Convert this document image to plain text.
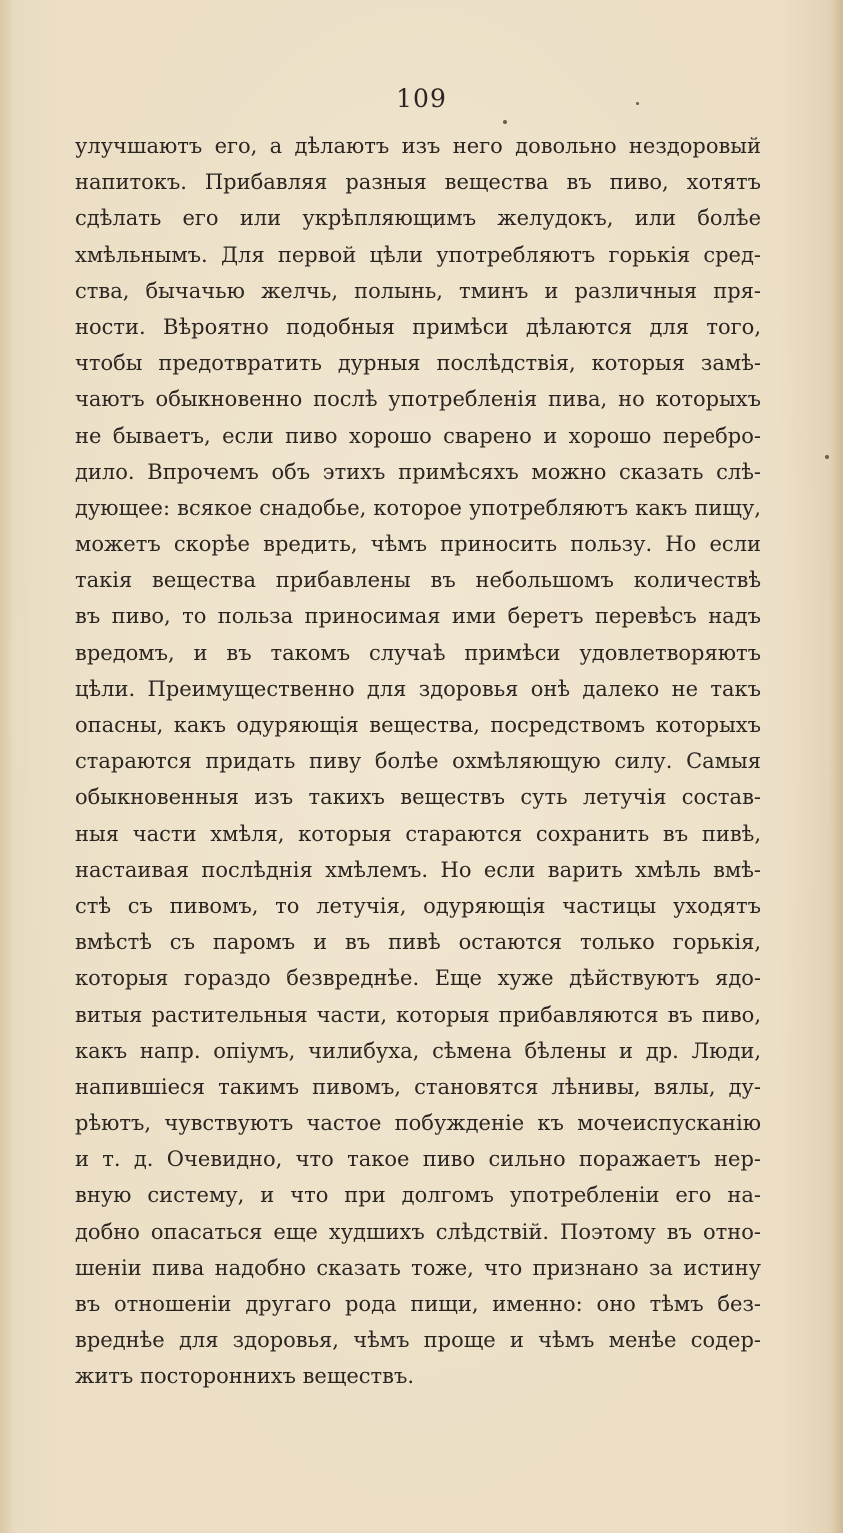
109
улучшаютъ его, а дѣлаютъ изъ него довольно нездоровый
напитокъ. Прибавляя разныя вещества въ пиво, хотятъ
сдѣлать его или укрѣпляющимъ желудокъ, или болѣе
хмѣльнымъ. Для первой цѣли употребляютъ горькія сред-
ства, бычачью желчь, полынь, тминъ и различныя пря-
ности. Вѣроятно подобныя примѣси дѣлаются для того,
чтобы предотвратить дурныя послѣдствія, которыя замѣ-
чаютъ обыкновенно послѣ употребленія пива, но которыхъ
не бываетъ, если пиво хорошо сварено и хорошо перебро-
дило. Впрочемъ объ этихъ примѣсяхъ можно сказать слѣ-
дующее: всякое снадобье, которое употребляютъ какъ пищу,
можетъ скорѣе вредить, чѣмъ приносить пользу. Но если
такія вещества прибавлены въ небольшомъ количествѣ
въ пиво, то польза приносимая ими беретъ перевѣсъ надъ
вредомъ, и въ такомъ случаѣ примѣси удовлетворяютъ
цѣли. Преимущественно для здоровья онѣ далеко не такъ
опасны, какъ одуряющія вещества, посредствомъ которыхъ
стараются придать пиву болѣе охмѣляющую силу. Самыя
обыкновенныя изъ такихъ веществъ суть летучія состав-
ныя части хмѣля, которыя стараются сохранить въ пивѣ,
настаивая послѣднія хмѣлемъ. Но если варить хмѣль вмѣ-
стѣ съ пивомъ, то летучія, одуряющія частицы уходятъ
вмѣстѣ съ паромъ и въ пивѣ остаются только горькія,
которыя гораздо безвреднѣе. Еще хуже дѣйствуютъ ядо-
витыя растительныя части, которыя прибавляются въ пиво,
какъ напр. опіумъ, чилибуха, сѣмена бѣлены и др. Люди,
напившіеся такимъ пивомъ, становятся лѣнивы, вялы, ду-
рѣютъ, чувствуютъ частое побужденіе къ мочеиспусканію
и т. д. Очевидно, что такое пиво сильно поражаетъ нер-
вную систему, и что при долгомъ употребленіи его на-
добно опасаться еще худшихъ слѣдствій. Поэтому въ отно-
шеніи пива надобно сказать тоже, что признано за истину
въ отношеніи другаго рода пищи, именно: оно тѣмъ без-
вреднѣе для здоровья, чѣмъ проще и чѣмъ менѣе содер-
житъ постороннихъ веществъ.
